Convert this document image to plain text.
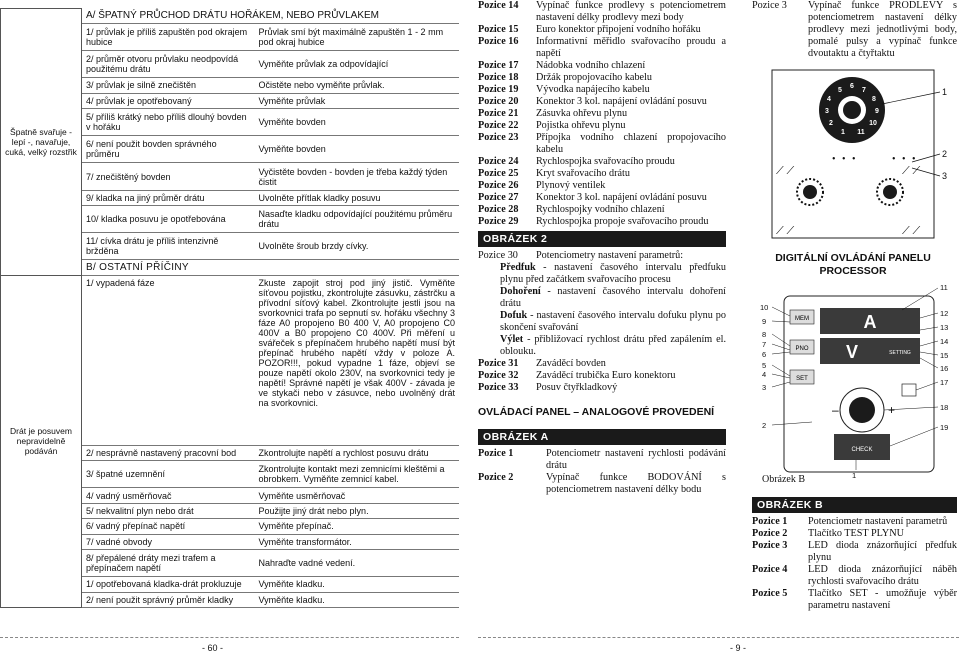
Špatně svařuje - lepí -, navařuje, cuká, velký rozstřik	A/ ŠPATNÝ PRŮCHOD DRÁTU HOŘÁKEM, NEBO PRŮVLAKEM	
	1/ průvlak je příliš zapuštěn pod okrajem hubice	Průvlak smí být maximálně zapuštěn 1 - 2 mm pod okraj hubice
	2/ průměr otvoru průvlaku neodpovídá použitému drátu	Vyměňte průvlak za odpovídající
	3/ průvlak je silně znečištěn	Očistěte nebo vyměňte průvlak.
	4/ průvlak je opotřebovaný	Vyměňte průvlak
	5/ příliš krátký nebo příliš dlouhý bovden v hořáku	Vyměňte bovden
	6/ není použit bovden správného průměru	Vyměňte bovden
	7/ znečištěný bovden	Vyčistěte bovden - bovden je třeba každý týden čistit
	9/ kladka na jiný průměr drátu	Uvolněte přítlak kladky posuvu
	10/ kladka posuvu je opotřebována	Nasaďte kladku odpovídající použitému průměru drátu
	11/ cívka drátu je příliš intenzivně bržděna	Uvolněte šroub brzdy cívky.
	B/ OSTATNÍ PŘÍČINY	
Drát je posuvem nepravidelně podáván	1/ vypadená fáze	Zkuste zapojit stroj pod jiný jistič. Vyměňte síťovou pojistku, zkontrolujte zásuvku, zástrčku a přívodní síťový kabel. Zkontrolujte jestli jsou na svorkovnici trafa po sepnutí sv. hořáku všechny 3 fáze A0 propojeno B0 400 V, A0 propojeno C0 400V a B0 propojeno C0 400V. Při měření u svářeček s přepínačem hrubého napětí musí být přepínač hrubého napětí vždy v poloze A. POZOR!!!, pokud vypadne 1 fáze, objeví se pouze napětí okolo 230V, na svorkovnici tedy je napětí! Správné napětí je však 400V - závada je ve stykači nebo v zásuvce, nebo uvolněný drát na svorkovnici.
	2/ nesprávně nastavený pracovní bod	Zkontrolujte napětí a rychlost posuvu drátu
	3/ špatné uzemnění	Zkontrolujte kontakt mezi zemnicími kleštěmi a obrobkem. Vyměňte zemnicí kabel.
	4/ vadný usměrňovač	Vyměňte usměrňovač
	5/ nekvalitní plyn nebo drát	Použijte jiný drát nebo plyn.
	6/ vadný přepínač napětí	Vyměňte přepínač.
	7/ vadné obvody	Vyměňte transformátor.
	8/ přepálené dráty mezi trafem a přepínačem napětí	Nahraďte vadné vedení.
	1/ opotřebovaná kladka-drát prokluzuje	Vyměňte kladku.
	2/ není použit správný průměr kladky	Vyměňte kladku.
- 60 -
Pozice 14	Vypínač funkce prodlevy s potenciometrem nastavení délky prodlevy mezi body
Pozice 15	Euro konektor připojení vodního hořáku
Pozice 16	Informativní měřidlo svařovacího proudu a napětí
Pozice 17	Nádobka vodního chlazení
Pozice 18	Držák propojovacího kabelu
Pozice 19	Vývodka napájecího kabelu
Pozice 20	Konektor 3 kol. napájení ovládání posuvu
Pozice 21	Zásuvka ohřevu plynu
Pozice 22	Pojistka ohřevu plynu
Pozice 23	Přípojka vodního chlazení propojovacího kabelu
Pozice 24	Rychlospojka svařovacího proudu
Pozice 25	Kryt svařovacího drátu
Pozice 26	Plynový ventilek
Pozice 27	Konektor 3 kol. napájení ovládání posuvu
Pozice 28	Rychlospojky vodního chlazení
Pozice 29	Rychlospojka propoje svařovacího proudu
OBRÁZEK 2
Pozice 30	Potenciometry nastavení parametrů:
Předfuk - nastavení časového intervalu předfuku plynu před začátkem svařovacího procesu
Dohoření - nastavení časového intervalu dohoření drátu
Dofuk - nastavení časového intervalu dofuku plynu po skončení svařování
Výlet - přibližovací rychlost drátu před zapálením el. oblouku.
Pozice 31	Zaváděcí bovden
Pozice 32	Zaváděcí trubička Euro konektoru
Pozice 33	Posuv čtyřkladkový
OVLÁDACÍ PANEL – ANALOGOVÉ PROVEDENÍ
OBRÁZEK A
Pozice 1	Potenciometr nastavení rychlosti podávání drátu
Pozice 2	Vypínač funkce BODOVÁNÍ s potenciometrem nastavení délky bodu
- 9 -
Pozice 3	Vypínač funkce PRODLEVY s potenciometrem nastavení délky prodlevy mezi jednotlivými body, pomalé pulsy a vypínač funkce dvoutaktu a čtyřtaktu
4
5
6
7
8
3	9
2	10
1 11
• • •	• • •
⟋ ⟋	⟋ ⟋
⟋ ⟋	⟋ ⟋
1
2
3
DIGITÁLNÍ OVLÁDÁNÍ PANELU PROCESSOR
MEM
PNO
SET
A
V	SETTING
–	+
CHECK
10
9
8
7
6
5
4
3
2
11
12
13
14
15
16
17
18
19
1
Obrázek B
OBRÁZEK B
Pozice 1	Potenciometr nastavení parametrů
Pozice 2	Tlačítko TEST PLYNU
Pozice 3	LED dioda znázorňující předfuk plynu
Pozice 4	LED dioda znázorňující náběh rychlosti svařovacího drátu
Pozice 5	Tlačítko SET - umožňuje výběr parametru nastavení
